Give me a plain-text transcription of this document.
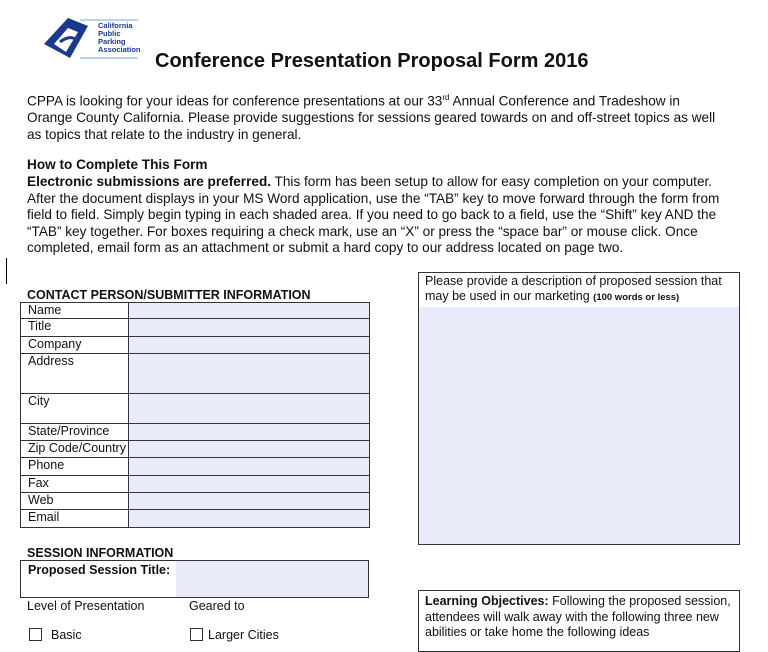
California
Public
Parking
Association
Conference Presentation Proposal Form 2016
CPPA is looking for your ideas for conference presentations at our 33rd Annual Conference and Tradeshow in Orange County California. Please provide suggestions for sessions geared towards on and off-street topics as well as topics that relate to the industry in general.
How to Complete This Form
Electronic submissions are preferred. This form has been setup to allow for easy completion on your computer. After the document displays in your MS Word application, use the “TAB” key to move forward through the form from field to field. Simply begin typing in each shaded area. If you need to go back to a field, use the “Shift” key AND the “TAB” key together. For boxes requiring a check mark, use an “X” or press the “space bar” or mouse click. Once completed, email form as an attachment or submit a hard copy to our address located on page two.
CONTACT PERSON/SUBMITTER INFORMATION
Name	
Title	
Company	
Address	
City	
State/Province	
Zip Code/Country	
Phone	
Fax	
Web	
Email	
Please provide a description of proposed session that may be used in our marketing (100 words or less)
SESSION INFORMATION
Proposed Session Title:
Level of Presentation	Geared to
Basic	Larger Cities
Learning Objectives: Following the proposed session, attendees will walk away with the following three new abilities or take home the following ideas
